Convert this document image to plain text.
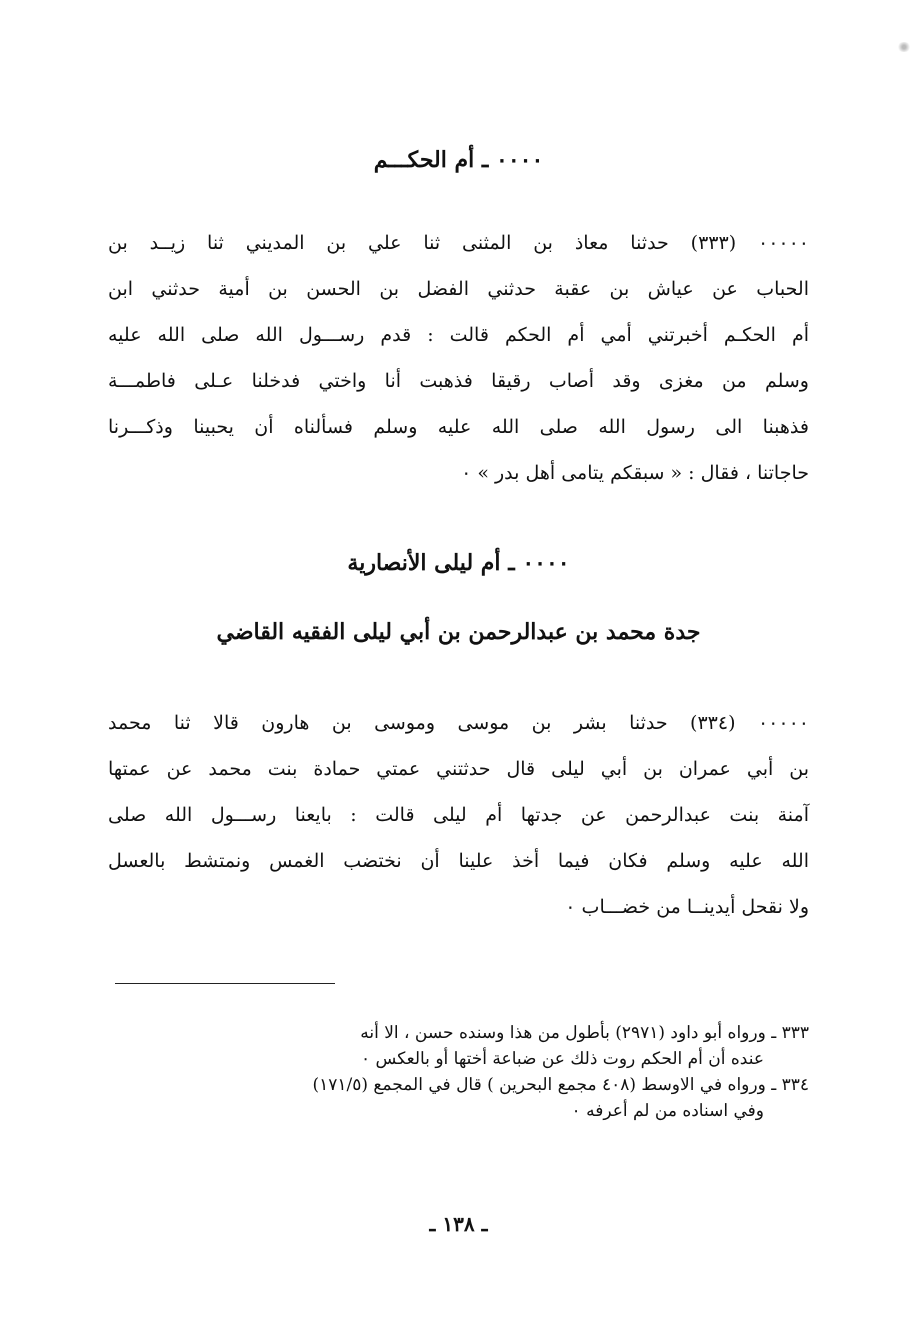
٠٠٠٠ ـ أم الحكـــم
٠٠٠٠٠ (٣٣٣) حدثنا معاذ بن المثنى ثنا علي بن المديني ثنا زيــد بن
الحباب عن عياش بن عقبة حدثني الفضل بن الحسن بن أمية حدثني ابن
أم الحكـم أخبرتني أمي أم الحكم قالت : قدم رســـول الله صلى الله عليه
وسلم من مغزى وقد أصاب رقيقا فذهبت أنا واختي فدخلنا عـلى فاطمـــة
فذهبنا الى رسول الله صلى الله عليه وسلم فسألناه أن يحبينا وذكـــرنا
حاجاتنا ، فقال : « سبقكم يتامى أهل بدر » ٠
٠٠٠٠ ـ أم ليلى الأنصارية
جدة محمد بن عبدالرحمن بن أبي ليلى الفقيه القاضي
٠٠٠٠٠ (٣٣٤) حدثنا بشر بن موسى وموسى بن هارون قالا ثنا محمد
بن أبي عمران بن أبي ليلى قال حدثتني عمتي حمادة بنت محمد عن عمتها
آمنة بنت عبدالرحمن عن جدتها أم ليلى قالت : بايعنا رســـول الله صلى
الله عليه وسلم فكان فيما أخذ علينا أن نختضب الغمس ونمتشط بالعسل
ولا نقحل أيدينــا من خضـــاب ٠
٣٣٣ ـ ورواه أبو داود (٢٩٧١) بأطول من هذا وسنده حسن ، الا أنه
عنده أن أم الحكم روت ذلك عن ضباعة أختها أو بالعكس ٠
٣٣٤ ـ ورواه في الاوسط (٤٠٨ مجمع البحرين ) قال في المجمع (١٧١/٥)
وفي اسناده من لم أعرفه ٠
ـ ١٣٨ ـ
